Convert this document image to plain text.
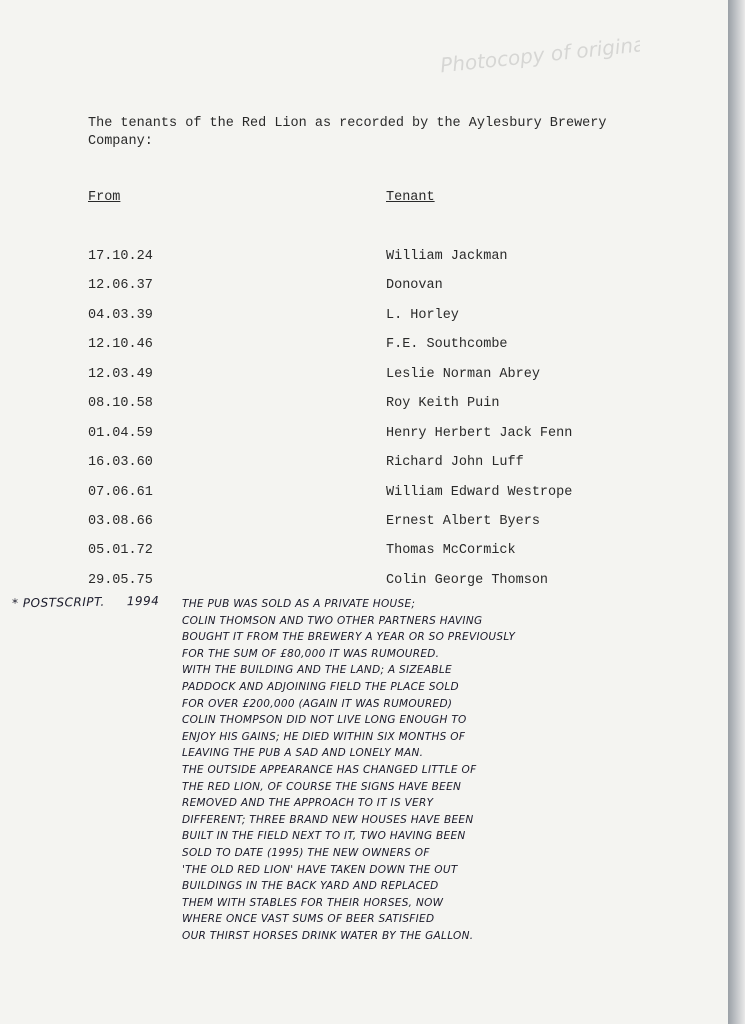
Photocopy of original

The tenants of the Red Lion as recorded by the Aylesbury Brewery Company:

From	Tenant
17.10.24	William Jackman
12.06.37	Donovan
04.03.39	L. Horley
12.10.46	F.E. Southcombe
12.03.49	Leslie Norman Abrey
08.10.58	Roy Keith Puin
01.04.59	Henry Herbert Jack Fenn
16.03.60	Richard John Luff
07.06.61	William Edward Westrope
03.08.66	Ernest Albert Byers
05.01.72	Thomas McCormick
29.05.75	Colin George Thomson
* POSTSCRIPT. 1994 THE PUB WAS SOLD AS A PRIVATE HOUSE;
COLIN THOMSON AND TWO OTHER PARTNERS HAVING
BOUGHT IT FROM THE BREWERY A YEAR OR SO PREVIOUSLY
FOR THE SUM OF £80,000 IT WAS RUMOURED.
WITH THE BUILDING AND THE LAND; A SIZEABLE
PADDOCK AND ADJOINING FIELD THE PLACE SOLD
FOR OVER £200,000 (AGAIN IT WAS RUMOURED)
COLIN THOMPSON DID NOT LIVE LONG ENOUGH TO
ENJOY HIS GAINS; HE DIED WITHIN SIX MONTHS OF
LEAVING THE PUB A SAD AND LONELY MAN.
THE OUTSIDE APPEARANCE HAS CHANGED LITTLE OF
THE RED LION, OF COURSE THE SIGNS HAVE BEEN
REMOVED AND THE APPROACH TO IT IS VERY
DIFFERENT; THREE BRAND NEW HOUSES HAVE BEEN
BUILT IN THE FIELD NEXT TO IT, TWO HAVING BEEN
SOLD TO DATE (1995) THE NEW OWNERS OF
'THE OLD RED LION' HAVE TAKEN DOWN THE OUT
BUILDINGS IN THE BACK YARD AND REPLACED
THEM WITH STABLES FOR THEIR HORSES, NOW
WHERE ONCE VAST SUMS OF BEER SATISFIED
OUR THIRST HORSES DRINK WATER BY THE GALLON.
